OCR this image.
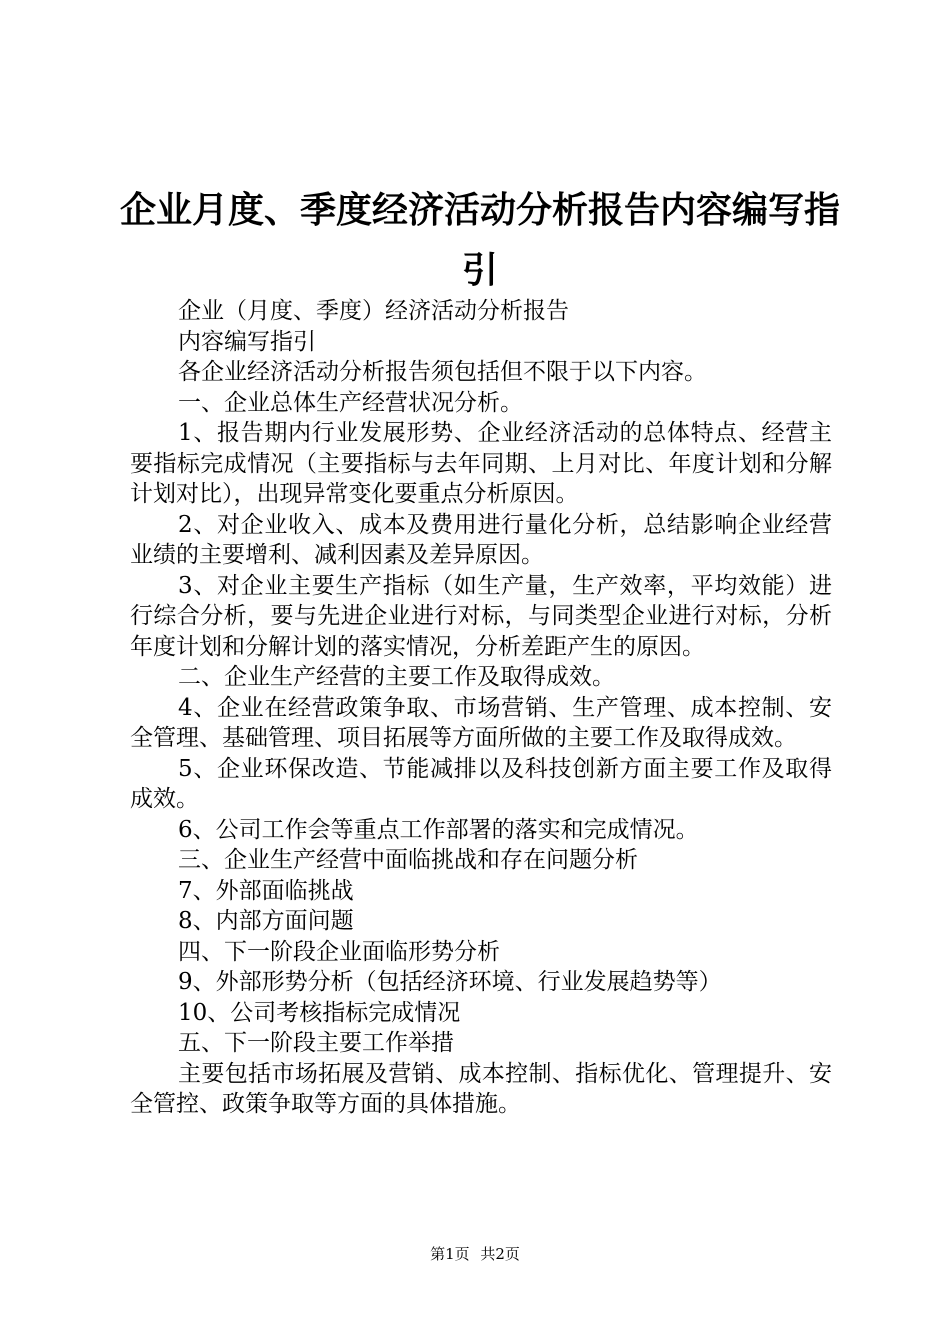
企业月度、季度经济活动分析报告内容编写指
引

企业（月度、季度）经济活动分析报告

内容编写指引

各企业经济活动分析报告须包括但不限于以下内容。

一、企业总体生产经营状况分析。

1、报告期内行业发展形势、企业经济活动的总体特点、经营主要指标完成情况（主要指标与去年同期、上月对比、年度计划和分解计划对比），出现异常变化要重点分析原因。

2、对企业收入、成本及费用进行量化分析，总结影响企业经营业绩的主要增利、减利因素及差异原因。

3、对企业主要生产指标（如生产量，生产效率，平均效能）进行综合分析，要与先进企业进行对标，与同类型企业进行对标，分析年度计划和分解计划的落实情况，分析差距产生的原因。

二、企业生产经营的主要工作及取得成效。

4、企业在经营政策争取、市场营销、生产管理、成本控制、安全管理、基础管理、项目拓展等方面所做的主要工作及取得成效。

5、企业环保改造、节能减排以及科技创新方面主要工作及取得成效。

6、公司工作会等重点工作部署的落实和完成情况。

三、企业生产经营中面临挑战和存在问题分析

7、外部面临挑战

8、内部方面问题

四、下一阶段企业面临形势分析

9、外部形势分析（包括经济环境、行业发展趋势等）

10、公司考核指标完成情况

五、下一阶段主要工作举措

主要包括市场拓展及营销、成本控制、指标优化、管理提升、安全管控、政策争取等方面的具体措施。

第1页 共2页
